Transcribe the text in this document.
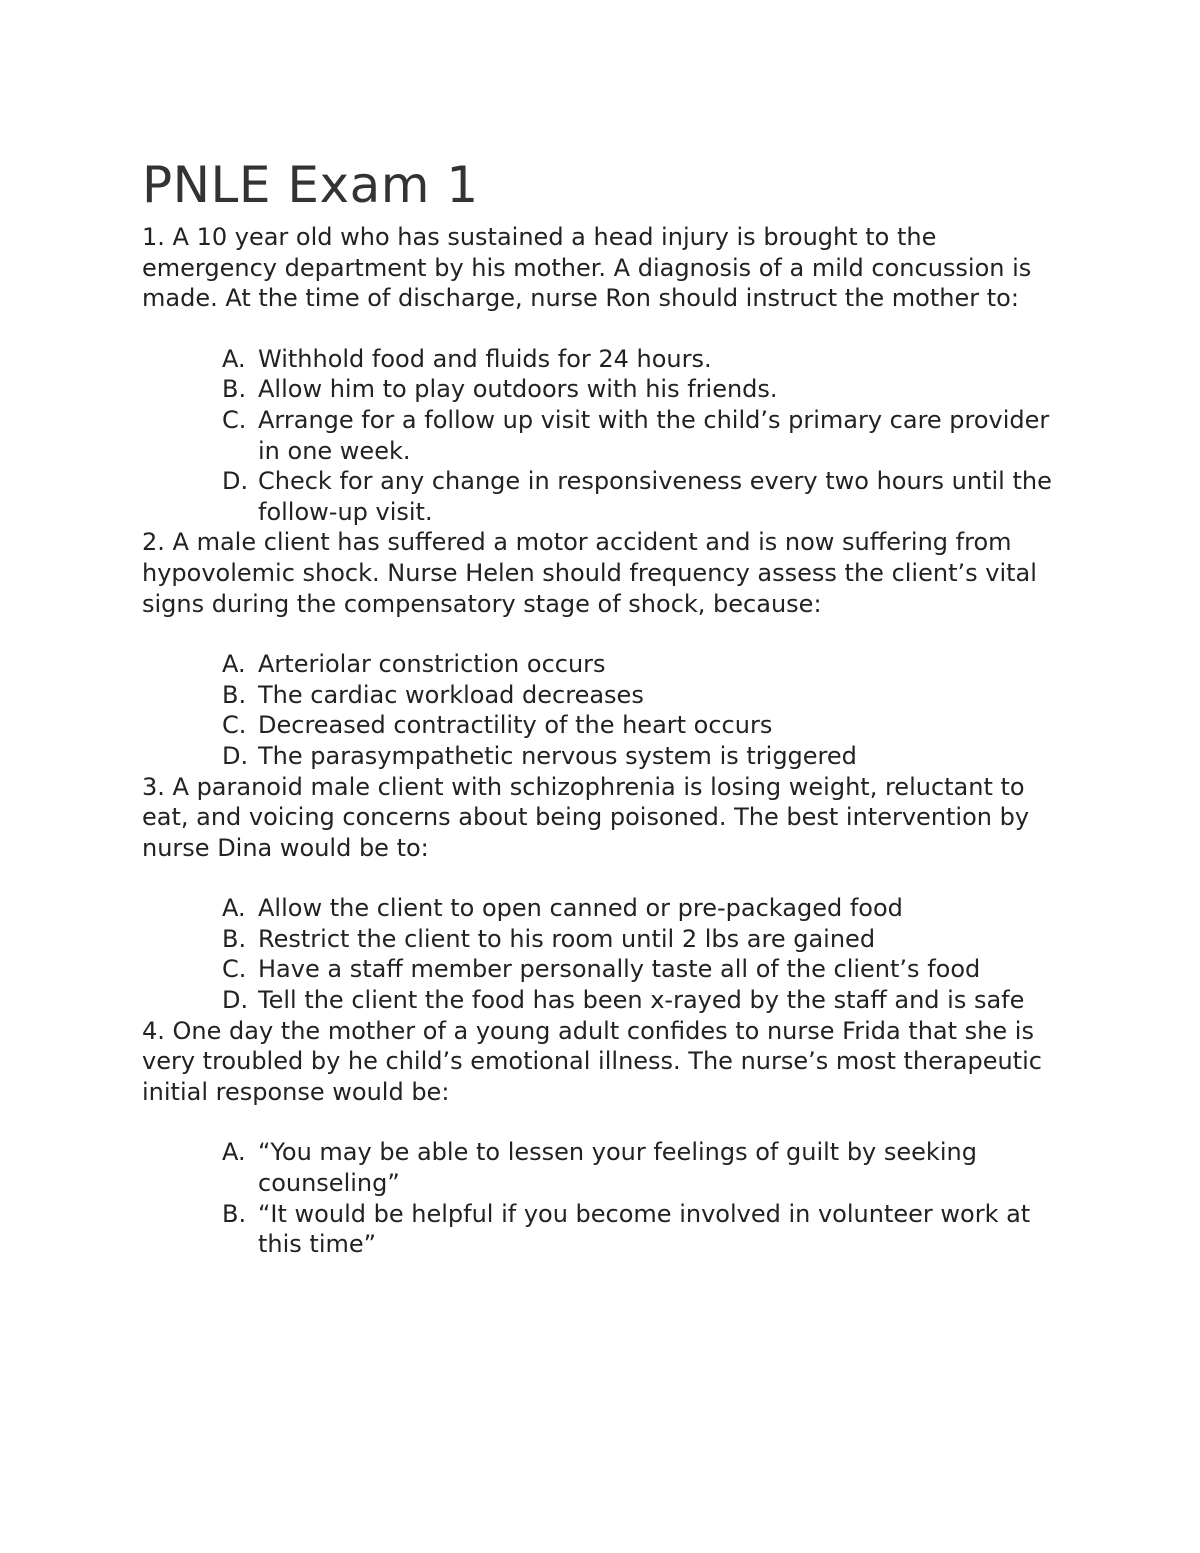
PNLE Exam 1

1. A 10 year old who has sustained a head injury is brought to the emergency department by his mother. A diagnosis of a mild concussion is made. At the time of discharge, nurse Ron should instruct the mother to:

A. Withhold food and fluids for 24 hours.
B. Allow him to play outdoors with his friends.
C. Arrange for a follow up visit with the child’s primary care provider in one week.
D. Check for any change in responsiveness every two hours until the follow-up visit.

2. A male client has suffered a motor accident and is now suffering from hypovolemic shock. Nurse Helen should frequency assess the client’s vital signs during the compensatory stage of shock, because:

A. Arteriolar constriction occurs
B. The cardiac workload decreases
C. Decreased contractility of the heart occurs
D. The parasympathetic nervous system is triggered

3. A paranoid male client with schizophrenia is losing weight, reluctant to eat, and voicing concerns about being poisoned. The best intervention by nurse Dina would be to:

A. Allow the client to open canned or pre-packaged food
B. Restrict the client to his room until 2 lbs are gained
C. Have a staff member personally taste all of the client’s food
D. Tell the client the food has been x-rayed by the staff and is safe

4. One day the mother of a young adult confides to nurse Frida that she is very troubled by he child’s emotional illness. The nurse’s most therapeutic initial response would be:

A. “You may be able to lessen your feelings of guilt by seeking counseling”
B. “It would be helpful if you become involved in volunteer work at this time”
